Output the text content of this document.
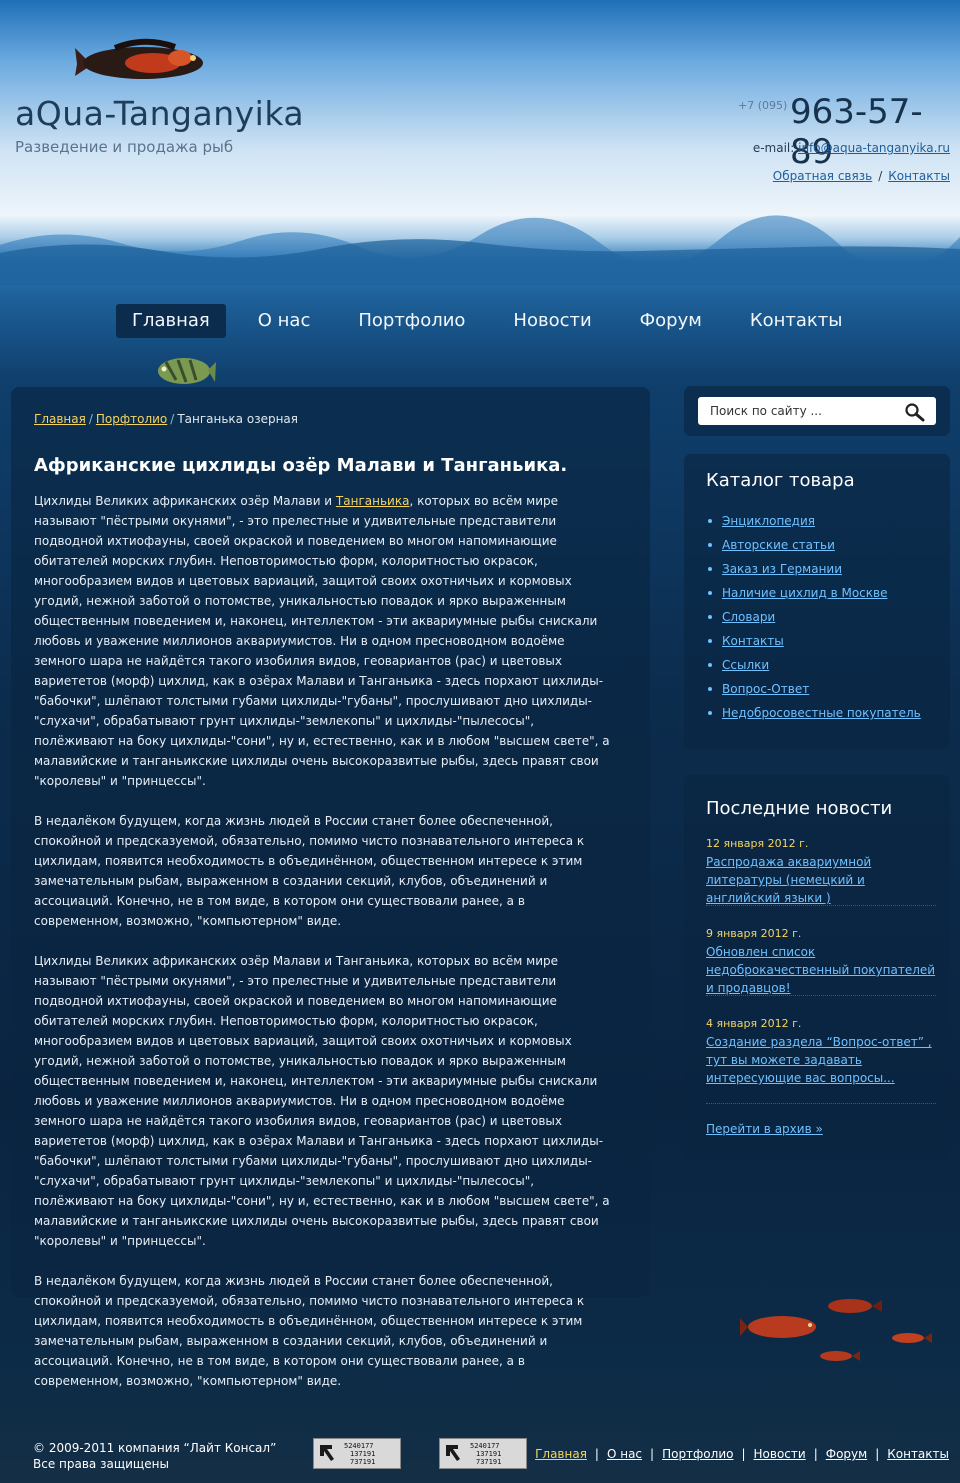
aQua-Tanganyika
Разведение и продажа рыб
+7 (095) 963-57-89
e-mail: info@aqua-tanganyika.ru
Обратная связь / Контакты
Главная	О нас	Портфолио	Новости	Форум	Контакты
Главная / Порфтолио / Танганька озерная
Африканские цихлиды озёр Малави и Танганьика.

Цихлиды Великих африканских озёр Малави и Танганьика, которых во всём мире называют "пёстрыми окунями", - это прелестные и удивительные представители подводной ихтиофауны, своей окраской и поведением во многом напоминающие обитателей морских глубин. Неповторимостью форм, колоритностью окрасок, многообразием видов и цветовых вариаций, защитой своих охотничьих и кормовых угодий, нежной заботой о потомстве, уникальностью повадок и ярко выраженным общественным поведением и, наконец, интеллектом - эти аквариумные рыбы снискали любовь и уважение миллионов аквариумистов. Ни в одном пресноводном водоёме земного шара не найдётся такого изобилия видов, геовариантов (рас) и цветовых вариететов (морф) цихлид, как в озёрах Малави и Танганьика - здесь порхают цихлиды-"бабочки", шлёпают толстыми губами цихлиды-"губаны", прослушивают дно цихлиды-"слухачи", обрабатывают грунт цихлиды-"землекопы" и цихлиды-"пылесосы", полёживают на боку цихлиды-"сони", ну и, естественно, как и в любом "высшем свете", а малавийские и танганьикские цихлиды очень высокоразвитые рыбы, здесь правят свои "королевы" и "принцессы".

В недалёком будущем, когда жизнь людей в России станет более обеспеченной, спокойной и предсказуемой, обязательно, помимо чисто познавательного интереса к цихлидам, появится необходимость в объединённом, общественном интересе к этим замечательным рыбам, выраженном в создании секций, клубов, объединений и ассоциаций. Конечно, не в том виде, в котором они существовали ранее, а в современном, возможно, "компьютерном" виде.

Цихлиды Великих африканских озёр Малави и Танганьика, которых во всём мире называют "пёстрыми окунями", - это прелестные и удивительные представители подводной ихтиофауны, своей окраской и поведением во многом напоминающие обитателей морских глубин. Неповторимостью форм, колоритностью окрасок, многообразием видов и цветовых вариаций, защитой своих охотничьих и кормовых угодий, нежной заботой о потомстве, уникальностью повадок и ярко выраженным общественным поведением и, наконец, интеллектом - эти аквариумные рыбы снискали любовь и уважение миллионов аквариумистов. Ни в одном пресноводном водоёме земного шара не найдётся такого изобилия видов, геовариантов (рас) и цветовых вариететов (морф) цихлид, как в озёрах Малави и Танганьика - здесь порхают цихлиды-"бабочки", шлёпают толстыми губами цихлиды-"губаны", прослушивают дно цихлиды-"слухачи", обрабатывают грунт цихлиды-"землекопы" и цихлиды-"пылесосы", полёживают на боку цихлиды-"сони", ну и, естественно, как и в любом "высшем свете", а малавийские и танганьикские цихлиды очень высокоразвитые рыбы, здесь правят свои "королевы" и "принцессы".

В недалёком будущем, когда жизнь людей в России станет более обеспеченной, спокойной и предсказуемой, обязательно, помимо чисто познавательного интереса к цихлидам, появится необходимость в объединённом, общественном интересе к этим замечательным рыбам, выраженном в создании секций, клубов, объединений и ассоциаций. Конечно, не в том виде, в котором они существовали ранее, а в современном, возможно, "компьютерном" виде.

Поиск по сайту ...
Каталог товара
Энциклопедия
Авторские статьи
Заказ из Германии
Наличие цихлид в Москве
Словари
Контакты
Ссылки
Вопрос-Ответ
Недобросовестные покупатель
Последние новости
12 января 2012 г.
Распродажа аквариумной литературы (немецкий и английский языки )
9 января 2012 г.
Обновлен список недоброкачественный покупателей и продавцов!
4 января 2012 г.
Создание раздела “Вопрос-ответ” , тут вы можете задавать интересующие вас вопросы...
Перейти в архив »
© 2009-2011 компания “Лайт Консал”
Все права защищены
5240177
137191
737191
5240177
137191
737191
Главная | О нас | Портфолио | Новости | Форум | Контакты
